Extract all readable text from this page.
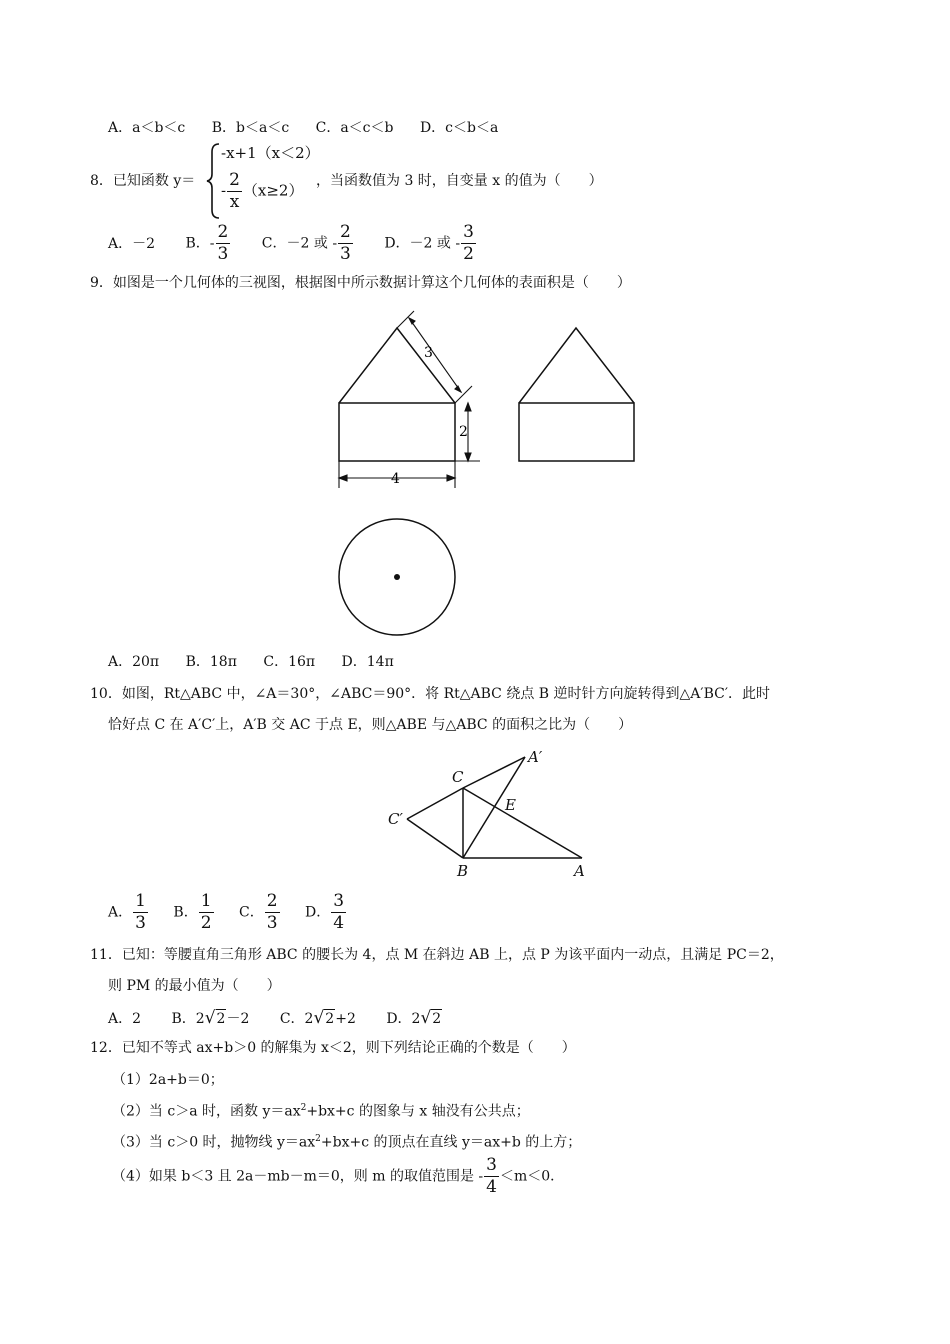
A．a＜b＜c B．b＜a＜c C．a＜c＜b D．c＜b＜a
8．已知函数 y＝
-x+1（x＜2）
- $\frac{2}{x} (x\ge 2)$
，当函数值为 3 时，自变量 x 的值为（　　）
A．－2 B．- $\frac{2}{3}$ C．－2 或 - $\frac{2}{3}$ D．－2 或 - $\frac{3}{2}$
9．如图是一个几何体的三视图，根据图中所示数据计算这个几何体的表面积是（　　）
3
2
4
A．20π B．18π C．16π D．14π
10．如图，Rt△ABC 中，∠A＝30°，∠ABC＝90°．将 Rt△ABC 绕点 B 逆时针方向旋转得到△A′BC′．此时
恰好点 C 在 A′C′上，A′B 交 AC 于点 E，则△ABE 与△ABC 的面积之比为（　　）
C
A′
E
C′
B	A
A． $\frac{1}{3}$ B． $\frac{1}{2}$ C． $\frac{2}{3}$ D． $\frac{3}{4}$
11．已知：等腰直角三角形 ABC 的腰长为 4，点 M 在斜边 AB 上，点 P 为该平面内一动点，且满足 PC＝2，
则 PM 的最小值为（　　）
A．2 B．2√2－2 C．2√2+2 D．2√2
12．已知不等式 ax+b＞0 的解集为 x＜2，则下列结论正确的个数是（　　）
（1）2a+b＝0；
（2）当 c＞a 时，函数 $y=ax^2+bx+c$ 的图象与 x 轴没有公共点；
（3）当 c＞0 时，抛物线 $y=ax^2+bx+c$ 的顶点在直线 y＝ax+b 的上方；
（4）如果 b＜3 且 2a－mb－m＝0，则 m 的取值范围是 - $\frac{3}{4} <m<0$．
